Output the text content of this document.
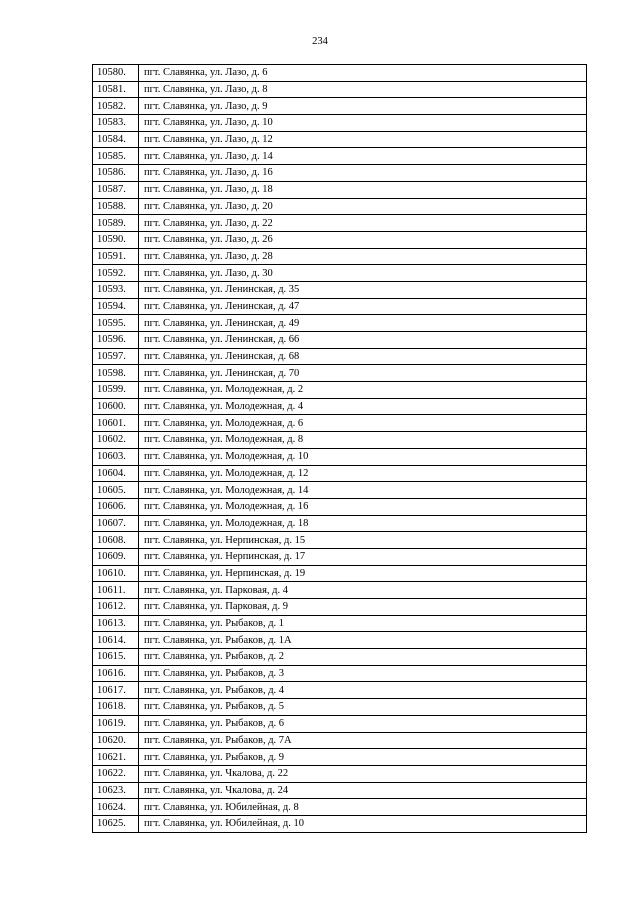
234
10580.	пгт. Славянка, ул. Лазо, д. 6
10581.	пгт. Славянка, ул. Лазо, д. 8
10582.	пгт. Славянка, ул. Лазо, д. 9
10583.	пгт. Славянка, ул. Лазо, д. 10
10584.	пгт. Славянка, ул. Лазо, д. 12
10585.	пгт. Славянка, ул. Лазо, д. 14
10586.	пгт. Славянка, ул. Лазо, д. 16
10587.	пгт. Славянка, ул. Лазо, д. 18
10588.	пгт. Славянка, ул. Лазо, д. 20
10589.	пгт. Славянка, ул. Лазо, д. 22
10590.	пгт. Славянка, ул. Лазо, д. 26
10591.	пгт. Славянка, ул. Лазо, д. 28
10592.	пгт. Славянка, ул. Лазо, д. 30
10593.	пгт. Славянка, ул. Ленинская, д. 35
10594.	пгт. Славянка, ул. Ленинская, д. 47
10595.	пгт. Славянка, ул. Ленинская, д. 49
10596.	пгт. Славянка, ул. Ленинская, д. 66
10597.	пгт. Славянка, ул. Ленинская, д. 68
10598.	пгт. Славянка, ул. Ленинская, д. 70
10599.	пгт. Славянка, ул. Молодежная, д. 2
10600.	пгт. Славянка, ул. Молодежная, д. 4
10601.	пгт. Славянка, ул. Молодежная, д. 6
10602.	пгт. Славянка, ул. Молодежная, д. 8
10603.	пгт. Славянка, ул. Молодежная, д. 10
10604.	пгт. Славянка, ул. Молодежная, д. 12
10605.	пгт. Славянка, ул. Молодежная, д. 14
10606.	пгт. Славянка, ул. Молодежная, д. 16
10607.	пгт. Славянка, ул. Молодежная, д. 18
10608.	пгт. Славянка, ул. Нерпинская, д. 15
10609.	пгт. Славянка, ул. Нерпинская, д. 17
10610.	пгт. Славянка, ул. Нерпинская, д. 19
10611.	пгт. Славянка, ул. Парковая, д. 4
10612.	пгт. Славянка, ул. Парковая, д. 9
10613.	пгт. Славянка, ул. Рыбаков, д. 1
10614.	пгт. Славянка, ул. Рыбаков, д. 1А
10615.	пгт. Славянка, ул. Рыбаков, д. 2
10616.	пгт. Славянка, ул. Рыбаков, д. 3
10617.	пгт. Славянка, ул. Рыбаков, д. 4
10618.	пгт. Славянка, ул. Рыбаков, д. 5
10619.	пгт. Славянка, ул. Рыбаков, д. 6
10620.	пгт. Славянка, ул. Рыбаков, д. 7А
10621.	пгт. Славянка, ул. Рыбаков, д. 9
10622.	пгт. Славянка, ул. Чкалова, д. 22
10623.	пгт. Славянка, ул. Чкалова, д. 24
10624.	пгт. Славянка, ул. Юбилейная, д. 8
10625.	пгт. Славянка, ул. Юбилейная, д. 10
